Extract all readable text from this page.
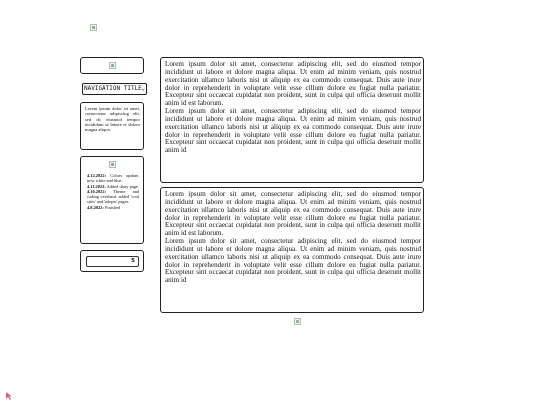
NAVIGATION TITLE ⌄
Lorem ipsum dolor sit amet, consectetur adipiscing elit, sed do eiusmod tempor incididunt ut labore et dolore magna aliqua.

4.12.2022: Colors update, now white and blue.

4.11.2022: Added diary page.

4.10.2022: Theme and coding overhaul, added 'cool sites' and 'adopts' pages.

4.8.2022: Finished

5

Lorem ipsum dolor sit amet, consectetur adipiscing elit, sed do eiusmod tempor incididunt ut labore et dolore magna aliqua. Ut enim ad minim veniam, quis nostrud exercitation ullamco laboris nisi ut aliquip ex ea commodo consequat. Duis aute irure dolor in reprehenderit in voluptate velit esse cillum dolore eu fugiat nulla pariatur. Excepteur sint occaecat cupidatat non proident, sunt in culpa qui officia deserunt mollit anim id est laborum.

Lorem ipsum dolor sit amet, consectetur adipiscing elit, sed do eiusmod tempor incididunt ut labore et dolore magna aliqua. Ut enim ad minim veniam, quis nostrud exercitation ullamco laboris nisi ut aliquip ex ea commodo consequat. Duis aute irure dolor in reprehenderit in voluptate velit esse cillum dolore eu fugiat nulla pariatur. Excepteur sint occaecat cupidatat non proident, sunt in culpa qui officia deserunt mollit anim id

Lorem ipsum dolor sit amet, consectetur adipiscing elit, sed do eiusmod tempor incididunt ut labore et dolore magna aliqua. Ut enim ad minim veniam, quis nostrud exercitation ullamco laboris nisi ut aliquip ex ea commodo consequat. Duis aute irure dolor in reprehenderit in voluptate velit esse cillum dolore eu fugiat nulla pariatur. Excepteur sint occaecat cupidatat non proident, sunt in culpa qui officia deserunt mollit anim id est laborum.

Lorem ipsum dolor sit amet, consectetur adipiscing elit, sed do eiusmod tempor incididunt ut labore et dolore magna aliqua. Ut enim ad minim veniam, quis nostrud exercitation ullamco laboris nisi ut aliquip ex ea commodo consequat. Duis aute irure dolor in reprehenderit in voluptate velit esse cillum dolore eu fugiat nulla pariatur. Excepteur sint occaecat cupidatat non proident, sunt in culpa qui officia deserunt mollit anim id
